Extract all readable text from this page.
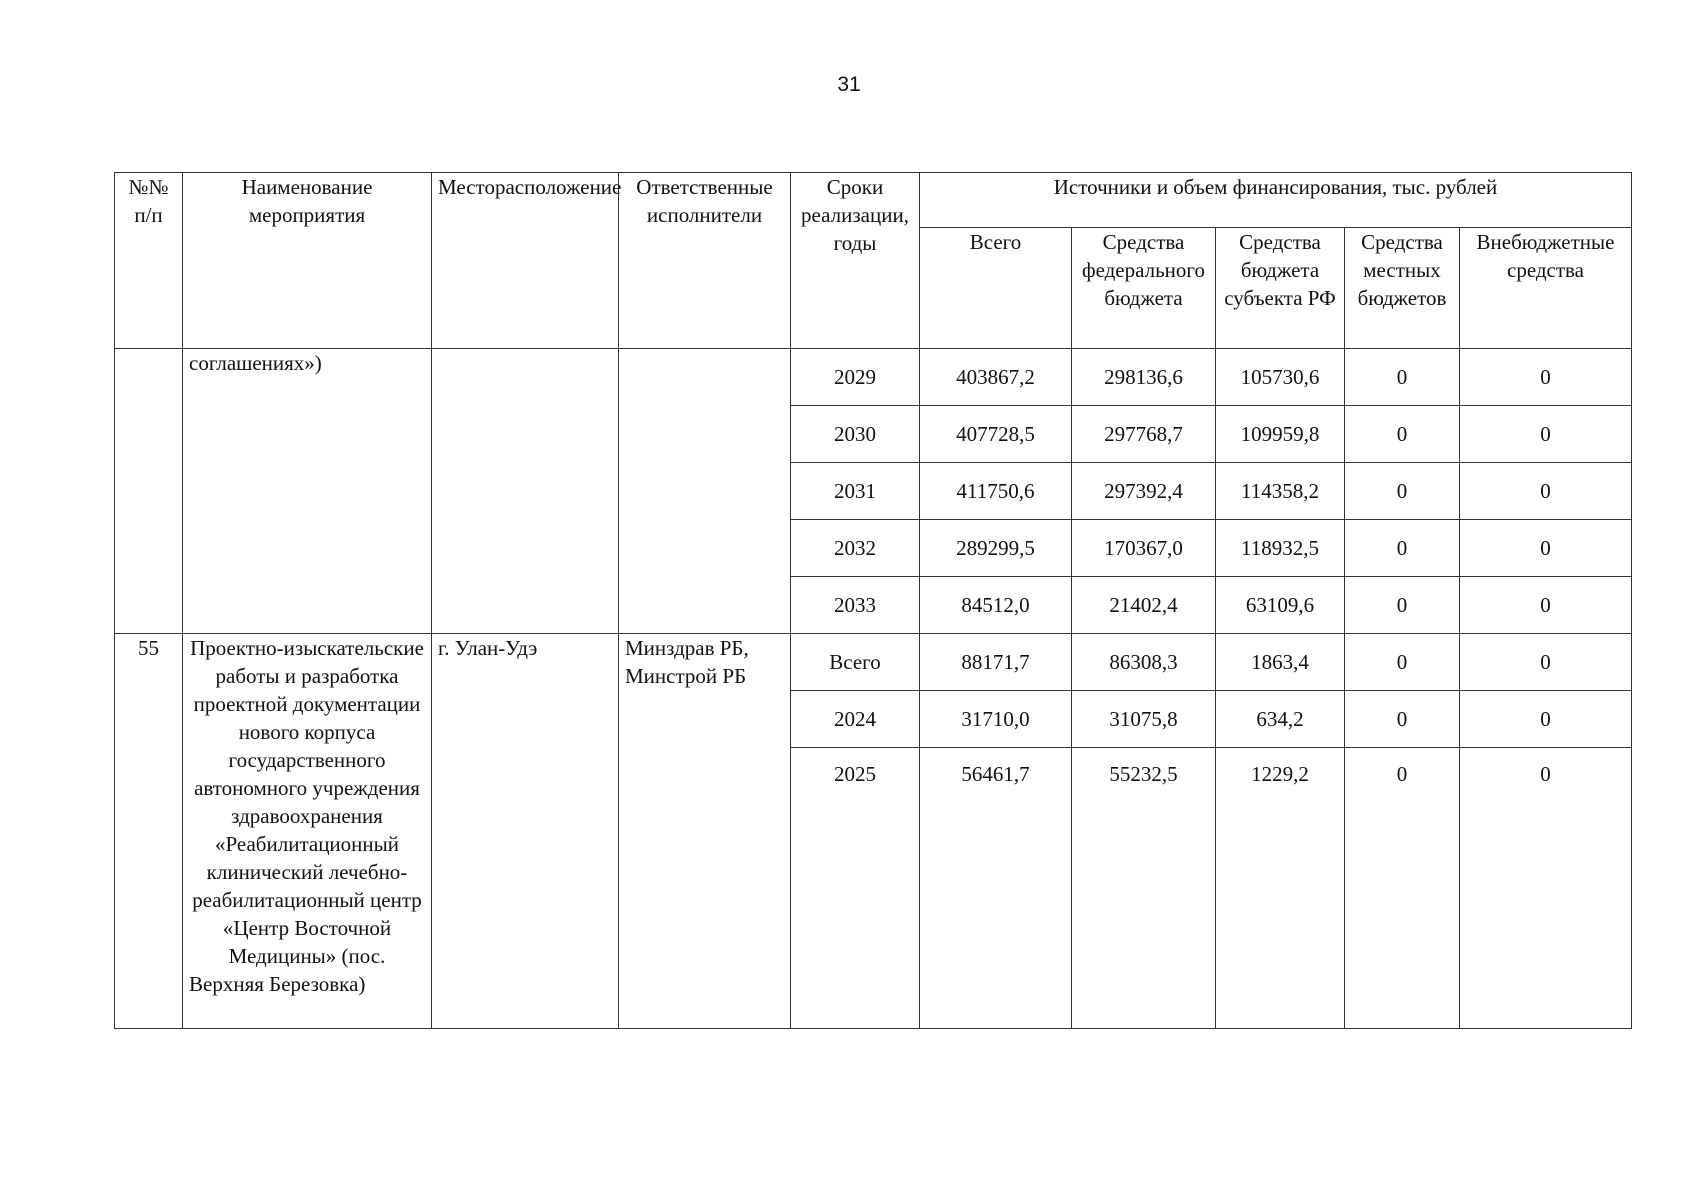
31
№№ п/п	Наименование мероприятия	Месторасположение	Ответственные исполнители	Сроки реализации, годы	Источники и объем финансирования, тыс. рублей				
					Всего	Средства федерального бюджета	Средства бюджета субъекта РФ	Средства местных бюджетов	Внебюджетные средства
	соглашениях»)			2029	403867,2	298136,6	105730,6	0	0
				2030	407728,5	297768,7	109959,8	0	0
				2031	411750,6	297392,4	114358,2	0	0
				2032	289299,5	170367,0	118932,5	0	0
				2033	84512,0	21402,4	63109,6	0	0
55	Проектно-изыскательские работы и разработка проектной документации нового корпуса государственного автономного учреждения здравоохранения «Реабилитационный клинический лечебно-реабилитационный центр «Центр Восточной Медицины» (пос. Верхняя Березовка)	г. Улан-Удэ	Минздрав РБ, Минстрой РБ	Всего	88171,7	86308,3	1863,4	0	0
				2024	31710,0	31075,8	634,2	0	0
				2025	56461,7	55232,5	1229,2	0	0
